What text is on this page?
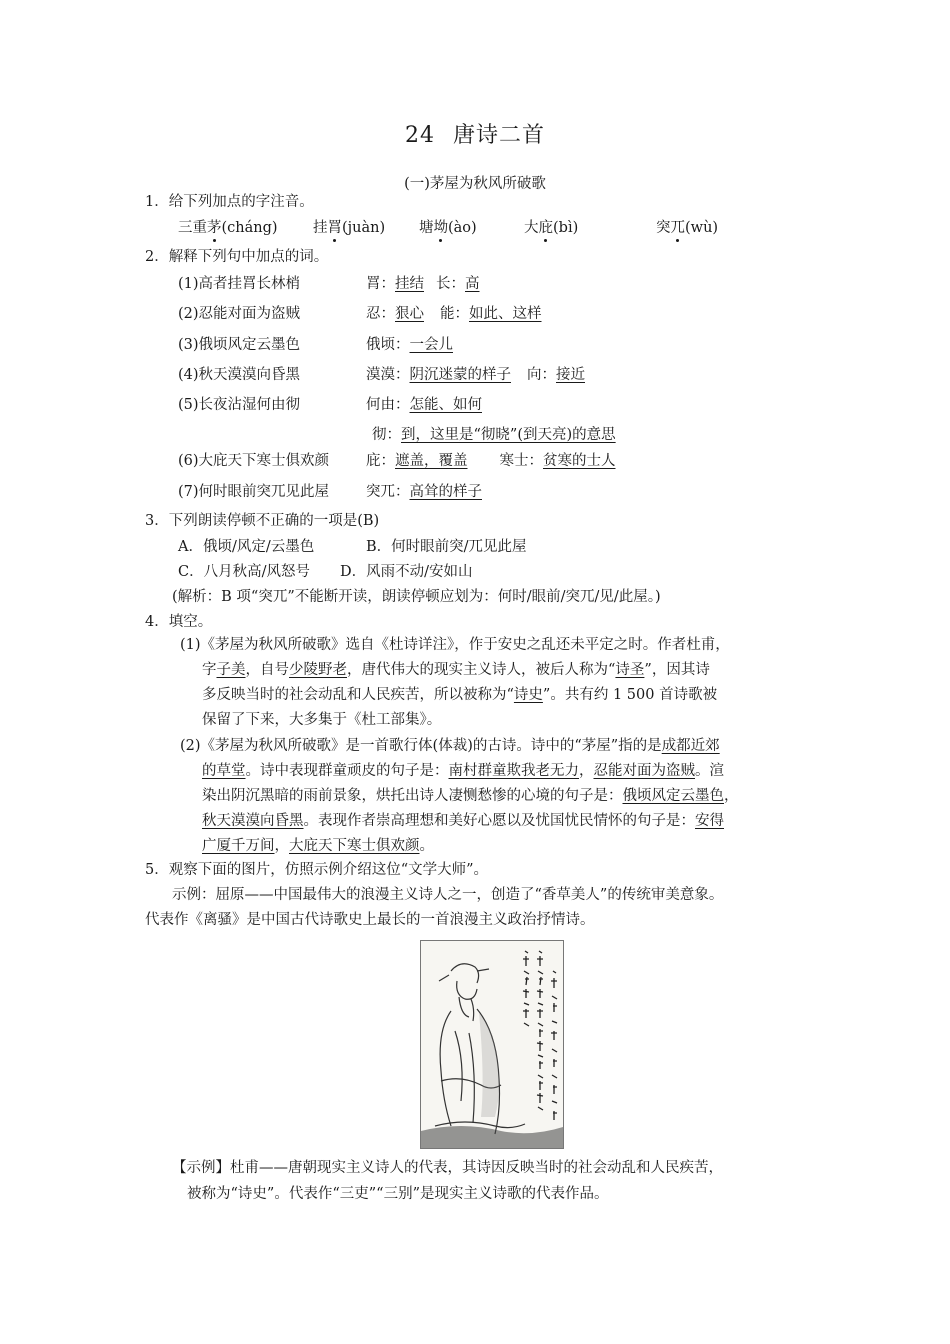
24 唐诗二首
(一)茅屋为秋风所破歌
1．给下列加点的字注音。
三重茅(cháng) 挂罥(juàn) 塘坳(ào)	大庇(bì)	突兀(wù)
2．解释下列句中加点的词。
(1)高者挂罥长林梢	罥：挂结 长：高
(2)忍能对面为盗贼	忍：狠心 能：如此、这样
(3)俄顷风定云墨色	俄顷：一会儿
(4)秋天漠漠向昏黑	漠漠：阴沉迷蒙的样子 向：接近
(5)长夜沾湿何由彻	何由：怎能、如何
彻：到，这里是“彻晓”(到天亮)的意思
(6)大庇天下寒士俱欢颜	庇：遮盖，覆盖 寒士：贫寒的士人
(7)何时眼前突兀见此屋	突兀：高耸的样子
3．下列朗读停顿不正确的一项是(B)
A．俄顷/风定/云墨色	B．何时眼前突/兀见此屋
C．八月秋高/风怒号 D．风雨不动/安如山
(解析：B 项“突兀”不能断开读，朗读停顿应划为：何时/眼前/突兀/见/此屋。)
4．填空。
(1)《茅屋为秋风所破歌》选自《杜诗详注》，作于安史之乱还未平定之时。作者杜甫，
字子美，自号少陵野老，唐代伟大的现实主义诗人，被后人称为“诗圣”，因其诗
多反映当时的社会动乱和人民疾苦，所以被称为“诗史”。共有约 1 500 首诗歌被
保留了下来，大多集于《杜工部集》。
(2)《茅屋为秋风所破歌》是一首歌行体(体裁)的古诗。诗中的“茅屋”指的是成都近郊
的草堂。诗中表现群童顽皮的句子是：南村群童欺我老无力，忍能对面为盗贼。渲
染出阴沉黑暗的雨前景象，烘托出诗人凄恻愁惨的心境的句子是：俄顷风定云墨色，
秋天漠漠向昏黑。表现作者崇高理想和美好心愿以及忧国忧民情怀的句子是：安得
广厦千万间，大庇天下寒士俱欢颜。
5．观察下面的图片，仿照示例介绍这位“文学大师”。
示例：屈原——中国最伟大的浪漫主义诗人之一，创造了“香草美人”的传统审美意象。
代表作《离骚》是中国古代诗歌史上最长的一首浪漫主义政治抒情诗。
【示例】杜甫——唐朝现实主义诗人的代表，其诗因反映当时的社会动乱和人民疾苦，
被称为“诗史”。代表作“三吏”“三别”是现实主义诗歌的代表作品。
